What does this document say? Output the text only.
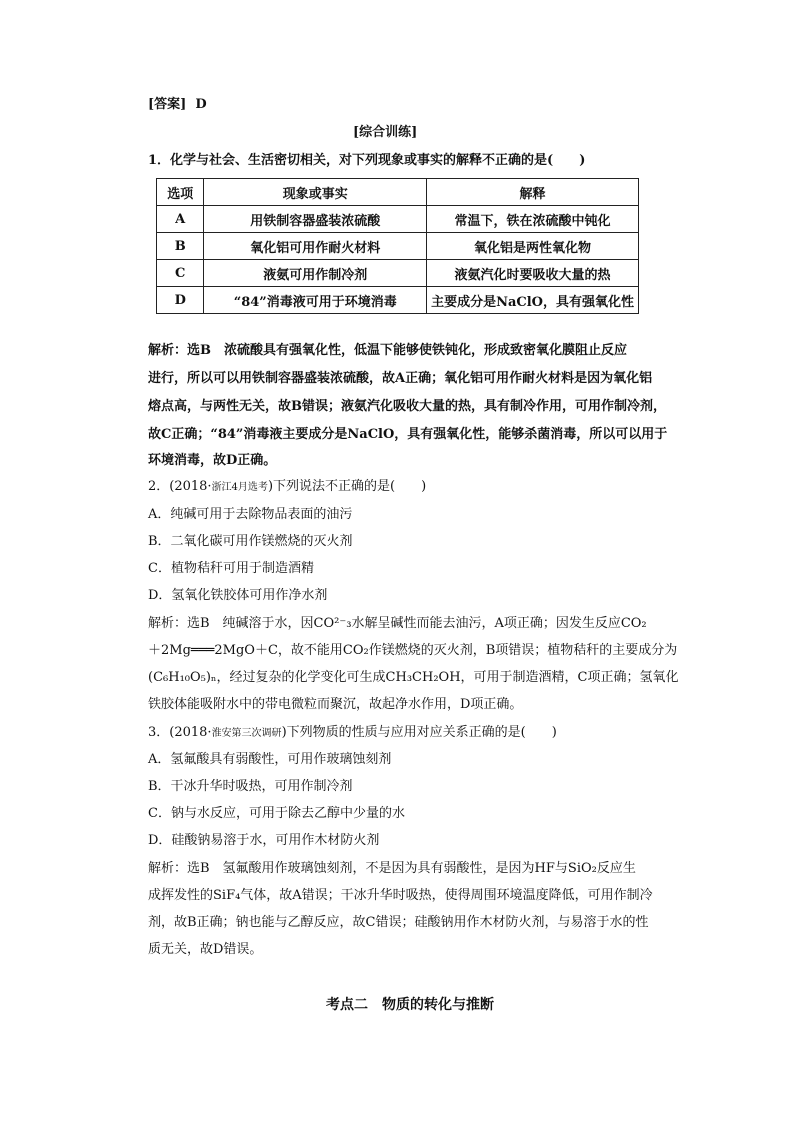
[答案] D
[综合训练]
1．化学与社会、生活密切相关，对下列现象或事实的解释不正确的是(　　)
选项	现象或事实	解释
A	用铁制容器盛装浓硫酸	常温下，铁在浓硫酸中钝化
B	氧化铝可用作耐火材料	氧化铝是两性氧化物
C	液氨可用作制冷剂	液氨汽化时要吸收大量的热
D	“84”消毒液可用于环境消毒	主要成分是NaClO，具有强氧化性
解析：选B　浓硫酸具有强氧化性，低温下能够使铁钝化，形成致密氧化膜阻止反应
进行，所以可以用铁制容器盛装浓硫酸，故A正确；氧化铝可用作耐火材料是因为氧化铝
熔点高，与两性无关，故B错误；液氨汽化吸收大量的热，具有制冷作用，可用作制冷剂，
故C正确；“84”消毒液主要成分是NaClO，具有强氧化性，能够杀菌消毒，所以可以用于
环境消毒，故D正确。
2．(2018·浙江4月选考)下列说法不正确的是(　　)
A．纯碱可用于去除物品表面的油污
B．二氧化碳可用作镁燃烧的灭火剂
C．植物秸秆可用于制造酒精
D．氢氧化铁胶体可用作净水剂
解析：选B　纯碱溶于水，因CO²⁻₃水解呈碱性而能去油污，A项正确；因发生反应CO₂
＋2Mg═══2MgO＋C，故不能用CO₂作镁燃烧的灭火剂，B项错误；植物秸秆的主要成分为
(C₆H₁₀O₅)ₙ，经过复杂的化学变化可生成CH₃CH₂OH，可用于制造酒精，C项正确；氢氧化
铁胶体能吸附水中的带电微粒而聚沉，故起净水作用，D项正确。
3．(2018·淮安第三次调研)下列物质的性质与应用对应关系正确的是(　　)
A．氢氟酸具有弱酸性，可用作玻璃蚀刻剂
B．干冰升华时吸热，可用作制冷剂
C．钠与水反应，可用于除去乙醇中少量的水
D．硅酸钠易溶于水，可用作木材防火剂
解析：选B　氢氟酸用作玻璃蚀刻剂，不是因为具有弱酸性，是因为HF与SiO₂反应生
成挥发性的SiF₄气体，故A错误；干冰升华时吸热，使得周围环境温度降低，可用作制冷
剂，故B正确；钠也能与乙醇反应，故C错误；硅酸钠用作木材防火剂，与易溶于水的性
质无关，故D错误。
考点二　物质的转化与推断
